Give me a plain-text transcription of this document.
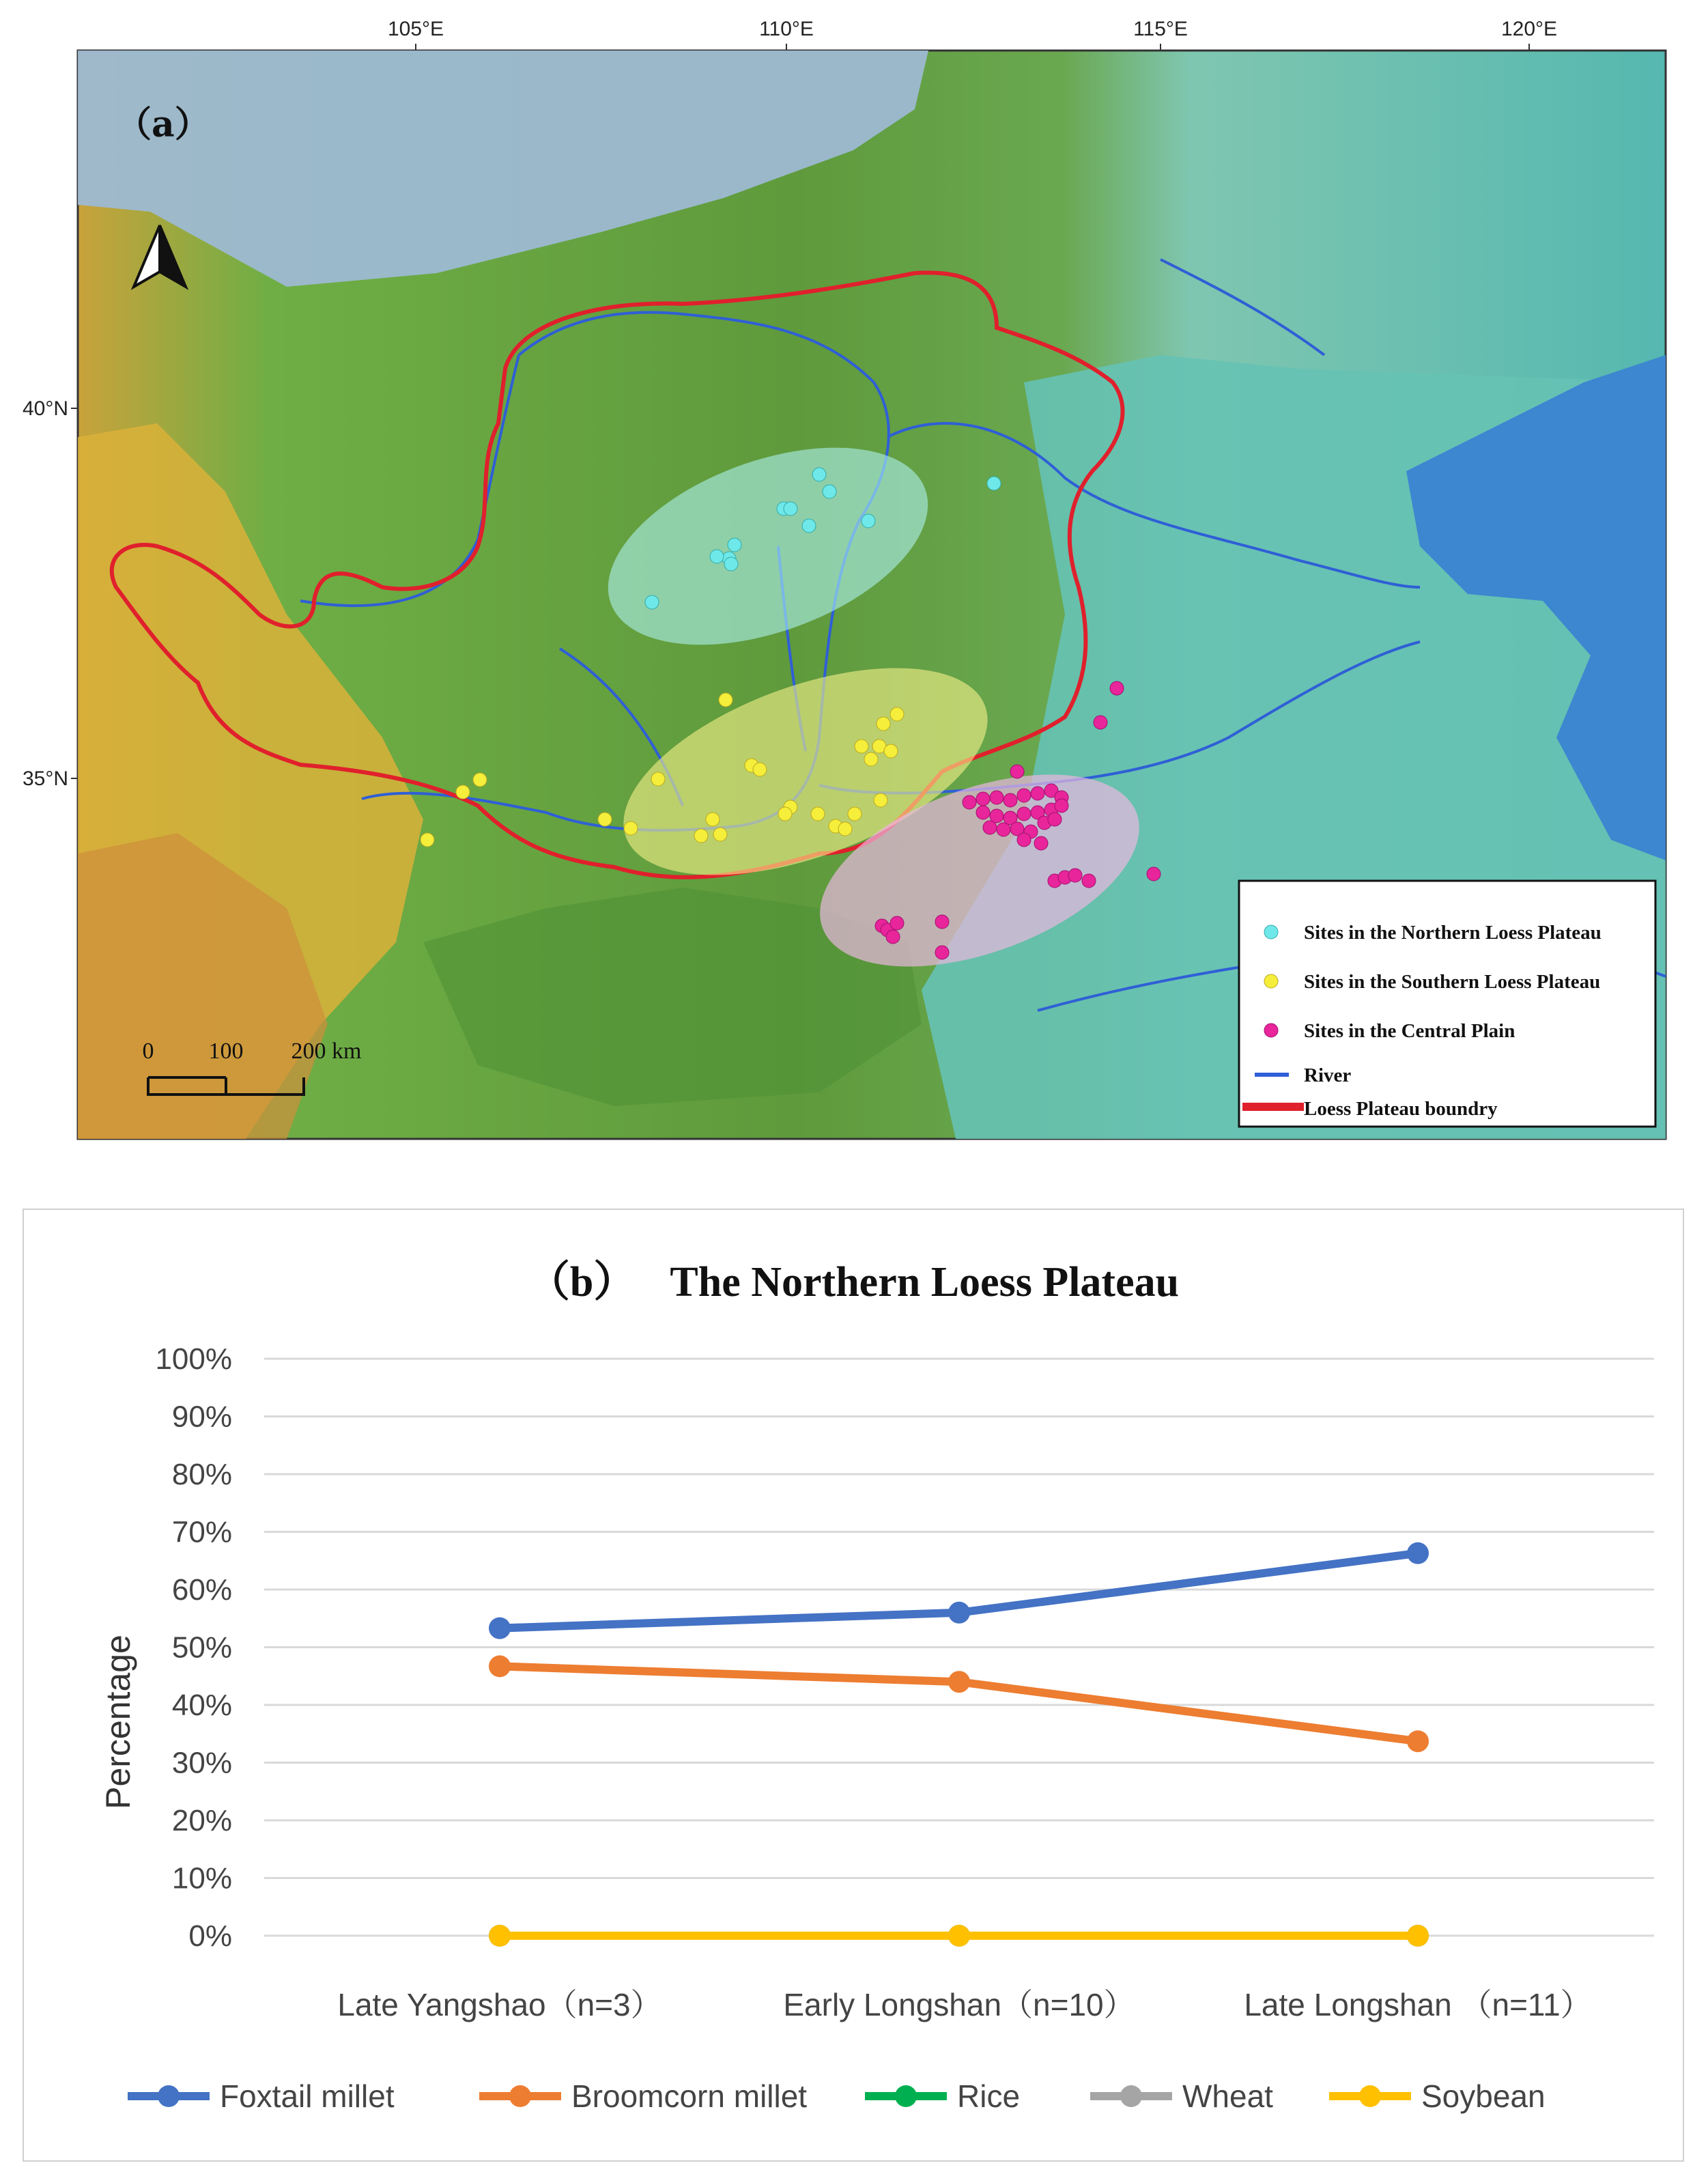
（a）
105°E	110°E	115°E	120°E
40°N
35°N
0 100 200 km
Sites in the Northern Loess Plateau
Sites in the Southern Loess Plateau
Sites in the Central Plain
River
Loess Plateau boundry
0%
10%
20%
30%
40%
50%
60%
70%
80%
90%
100%
Late Yangshao（n=3）	Early Longshan（n=10）	Late Longshan （n=11）
Percentage
Foxtail millet	Broomcorn millet	Rice	Wheat	Soybean
（b） The Northern Loess Plateau
